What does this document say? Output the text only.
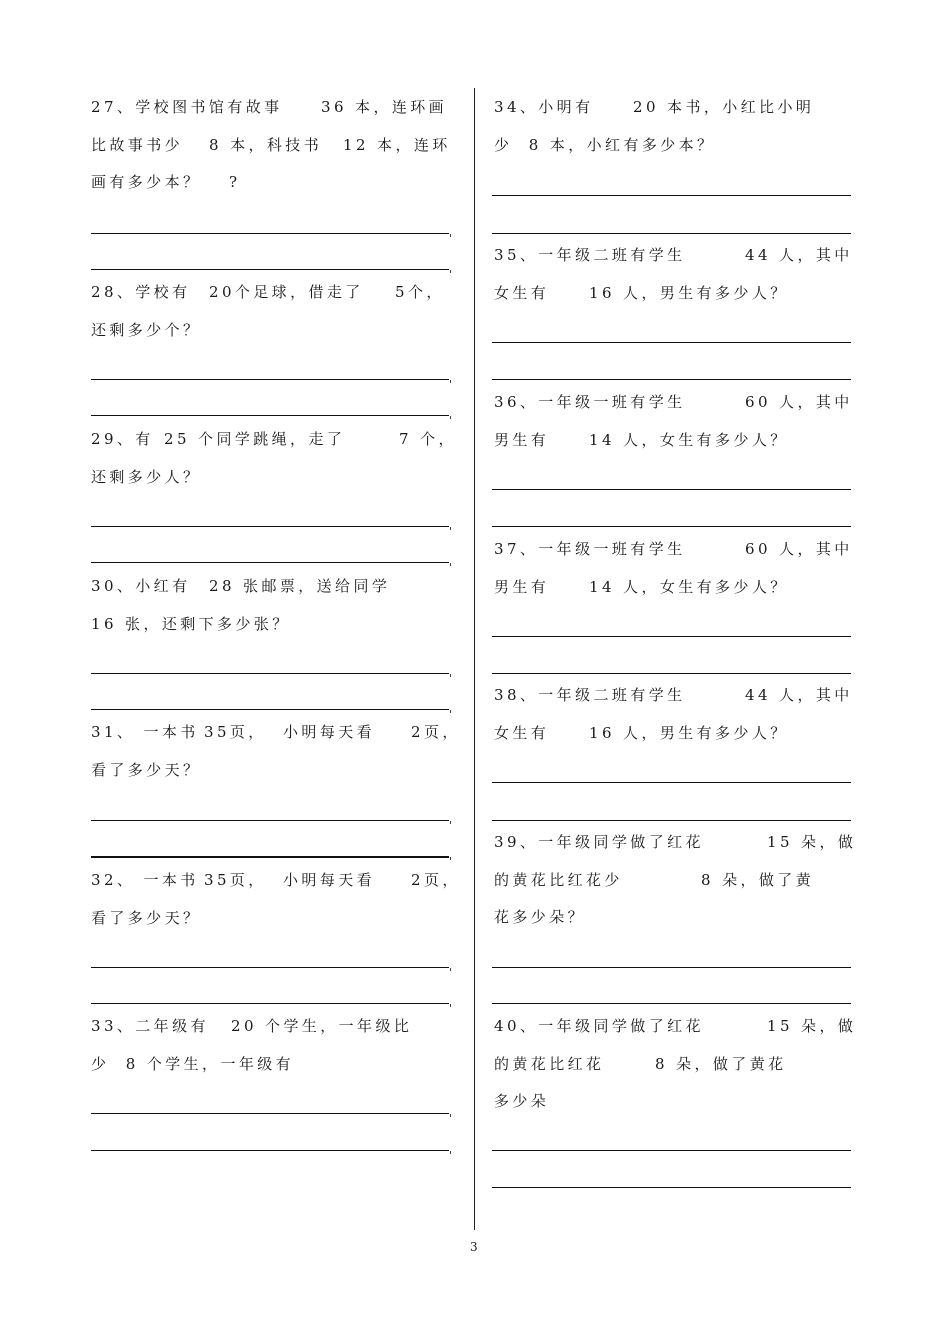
27、学校图书馆有故事	36 本，连环画
比故事书少 8 本，科技书 12 本，连环
画有多少本？ ?
28、学校有 20个足球，借走了 5个，
还剩多少个？
29、有 25 个同学跳绳，走了	7 个，
还剩多少人？
30、小红有 28 张邮票，送给同学
16 张，还剩下多少张？
31、 一本书 35页，  小明每天看 2页，
看了多少天？
32、 一本书 35页，  小明每天看 2页，
看了多少天？
33、二年级有 20 个学生，一年级比
少  8 个学生，一年级有
34、小明有	20 本书，小红比小明
少  8 本，小红有多少本？
35、一年级二班有学生	44 人，其中
女生有	16 人，男生有多少人？
36、一年级一班有学生	60 人，其中
男生有	14 人，女生有多少人？
37、一年级一班有学生	60 人，其中
男生有	14 人，女生有多少人？
38、一年级二班有学生	44 人，其中
女生有	16 人，男生有多少人？
39、一年级同学做了红花	15 朵，做
的黄花比红花少	8 朵，做了黄
花多少朵？
40、一年级同学做了红花	15 朵，做
的黄花比红花	8 朵，做了黄花
多少朵
3
